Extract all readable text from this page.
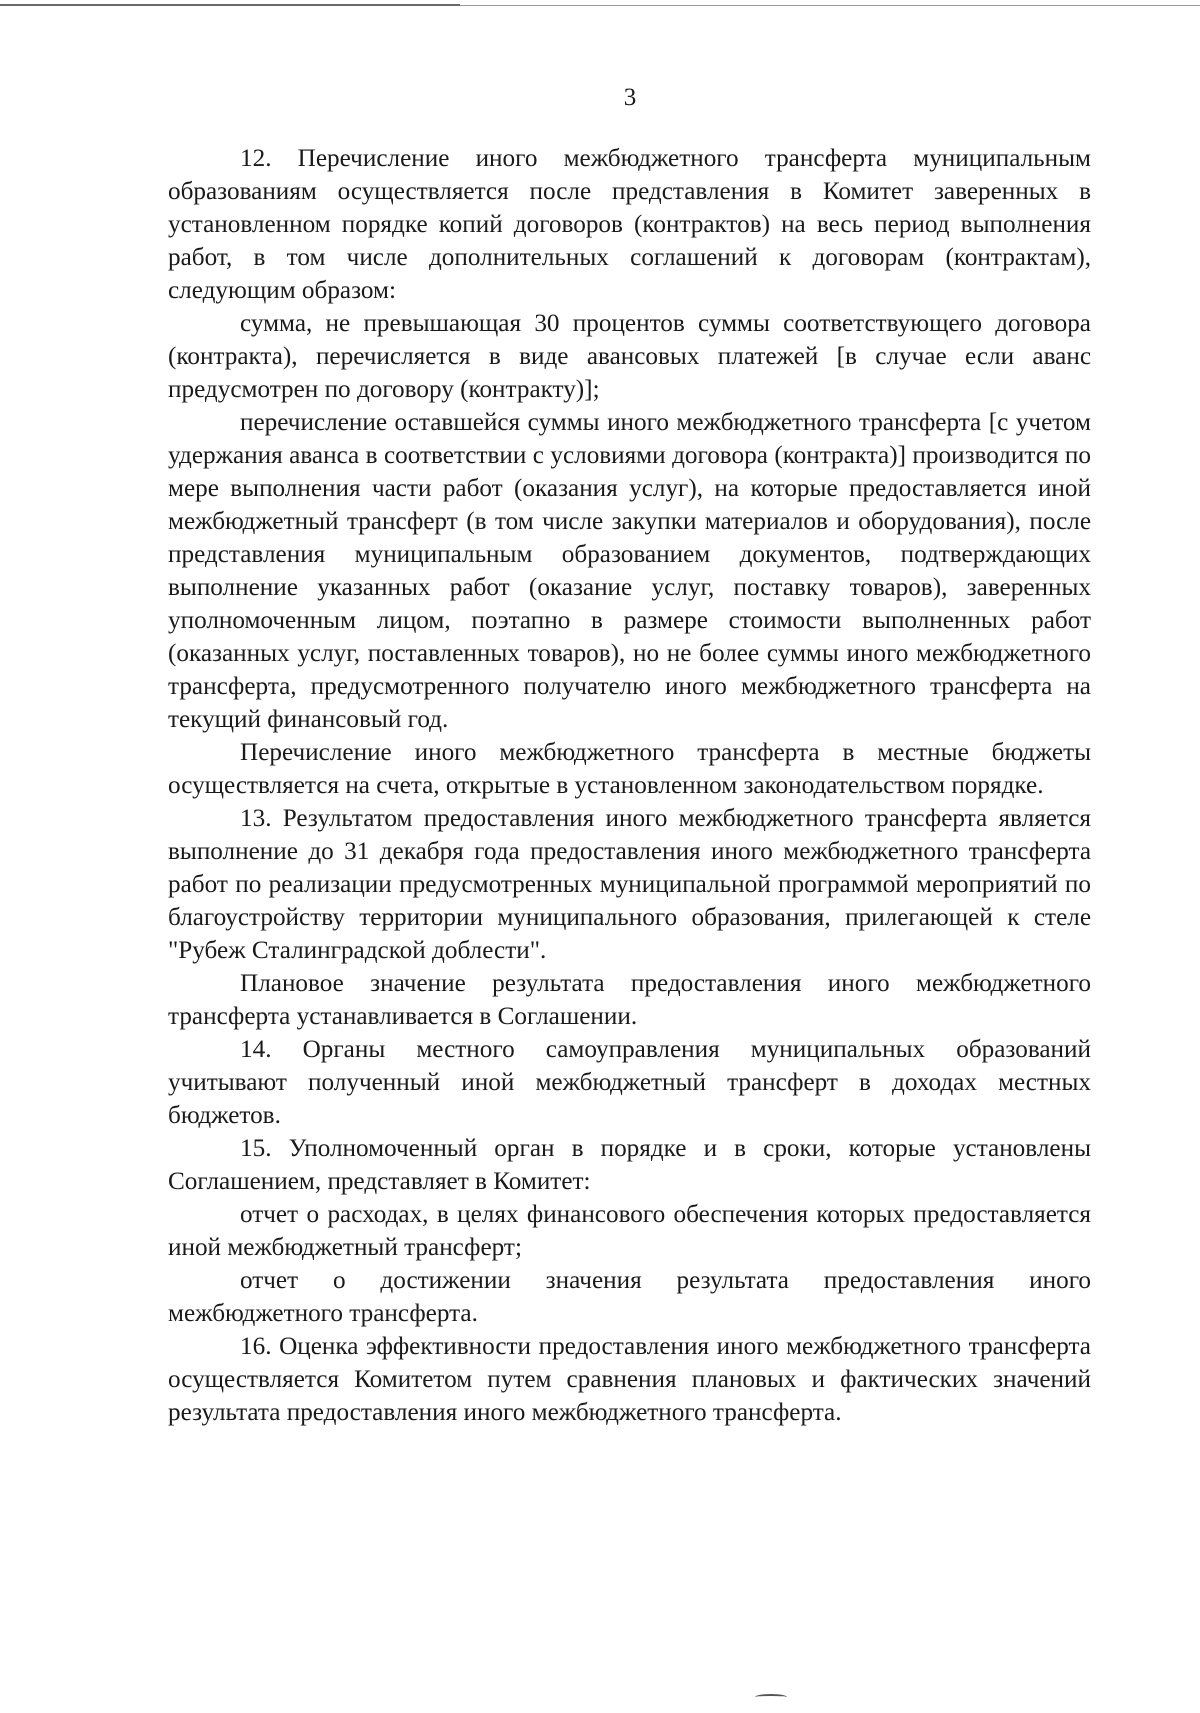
3

12. Перечисление иного межбюджетного трансферта муниципальным образованиям осуществляется после представления в Комитет заверенных в установленном порядке копий договоров (контрактов) на весь период выполнения работ, в том числе дополнительных соглашений к договорам (контрактам), следующим образом:

сумма, не превышающая 30 процентов суммы соответствующего договора (контракта), перечисляется в виде авансовых платежей [в случае если аванс предусмотрен по договору (контракту)];

перечисление оставшейся суммы иного межбюджетного трансферта [с учетом удержания аванса в соответствии с условиями договора (контракта)] производится по мере выполнения части работ (оказания услуг), на которые предоставляется иной межбюджетный трансферт (в том числе закупки материалов и оборудования), после представления муниципальным образованием документов, подтверждающих выполнение указанных работ (оказание услуг, поставку товаров), заверенных уполномоченным лицом, поэтапно в размере стоимости выполненных работ (оказанных услуг, поставленных товаров), но не более суммы иного межбюджетного трансферта, предусмотренного получателю иного межбюджетного трансферта на текущий финансовый год.

Перечисление иного межбюджетного трансферта в местные бюджеты осуществляется на счета, открытые в установленном законодательством порядке.

13. Результатом предоставления иного межбюджетного трансферта является выполнение до 31 декабря года предоставления иного межбюджетного трансферта работ по реализации предусмотренных муниципальной программой мероприятий по благоустройству территории муниципального образования, прилегающей к стеле "Рубеж Сталинградской доблести".

Плановое значение результата предоставления иного межбюджетного трансферта устанавливается в Соглашении.

14. Органы местного самоуправления муниципальных образований учитывают полученный иной межбюджетный трансферт в доходах местных бюджетов.

15. Уполномоченный орган в порядке и в сроки, которые установлены Соглашением, представляет в Комитет:

отчет о расходах, в целях финансового обеспечения которых предоставляется иной межбюджетный трансферт;

отчет о достижении значения результата предоставления иного межбюджетного трансферта.

16. Оценка эффективности предоставления иного межбюджетного трансферта осуществляется Комитетом путем сравнения плановых и фактических значений результата предоставления иного межбюджетного трансферта.
